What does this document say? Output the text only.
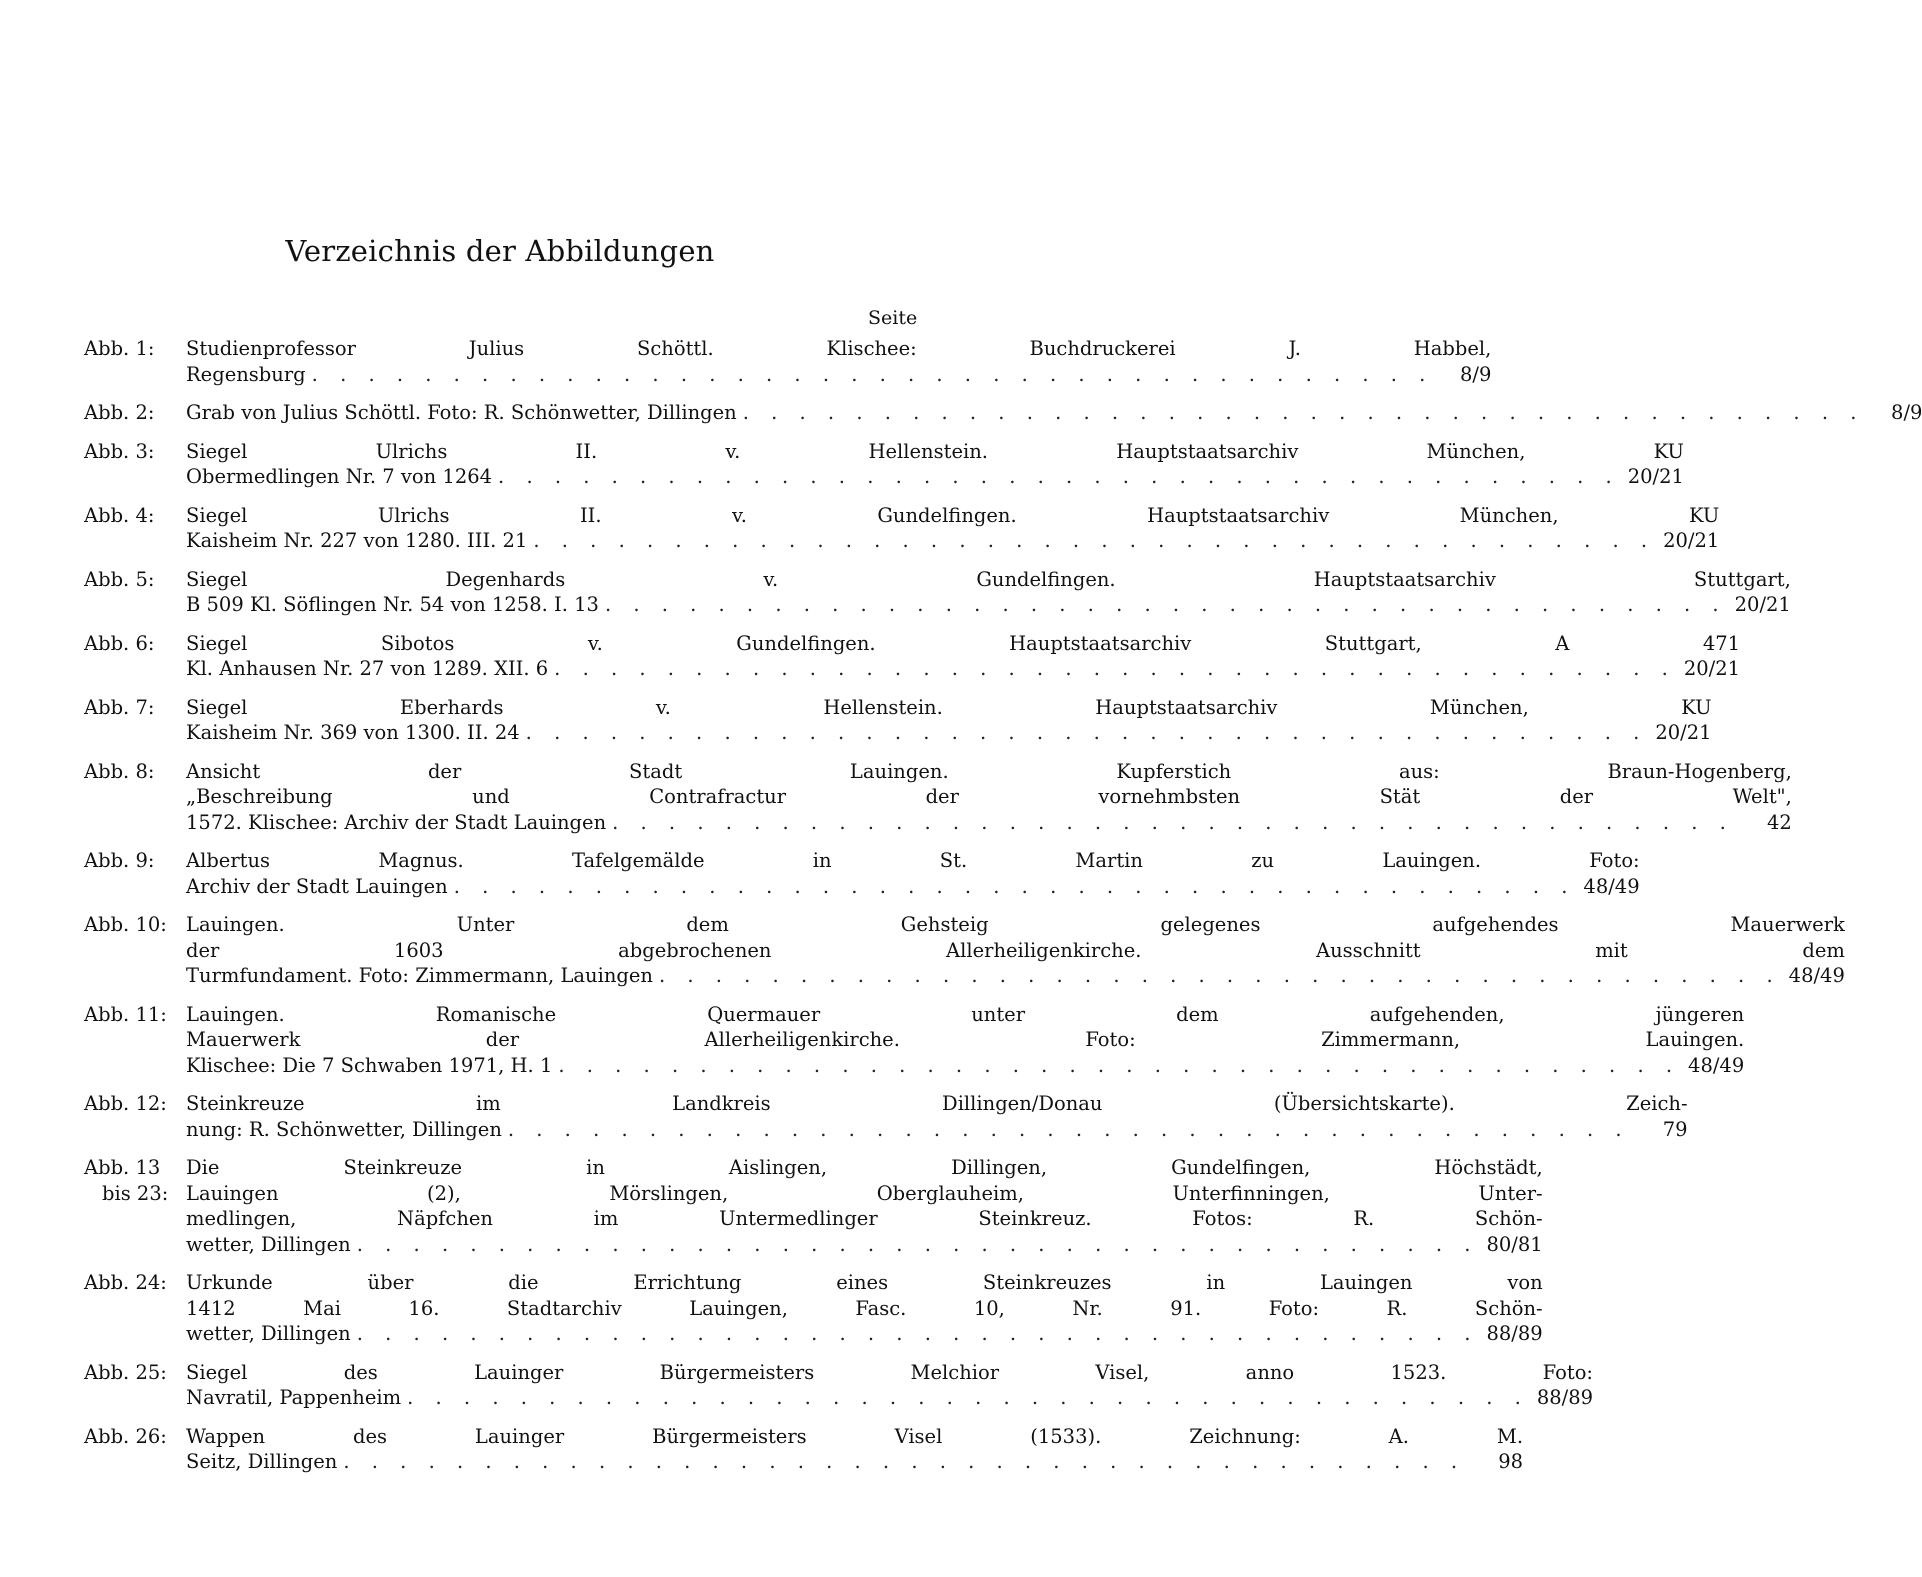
Verzeichnis der Abbildungen
Seite
Abb. 1:	Studienprofessor Julius Schöttl. Klischee: Buchdruckerei J. Habbel,

Regensburg . . . . . . . . . . . . . . . . . . . . . . . . . . . . . . . . . . . . . . . .	8/9
Abb. 2:	Grab von Julius Schöttl. Foto: R. Schönwetter, Dillingen . . . . . . . . . . . . . . . . . . . . . . . . . . . . . . . . . . . . . . . .	8/9
Abb. 3:	Siegel Ulrichs II. v. Hellenstein. Hauptstaatsarchiv München, KU

Obermedlingen Nr. 7 von 1264 . . . . . . . . . . . . . . . . . . . . . . . . . . . . . . . . . . . . . . . . 20/21
Abb. 4:	Siegel Ulrichs II. v. Gundelfingen. Hauptstaatsarchiv München, KU

Kaisheim Nr. 227 von 1280. III. 21 . . . . . . . . . . . . . . . . . . . . . . . . . . . . . . . . . . . . . . . . 20/21
Abb. 5:	Siegel Degenhards v. Gundelfingen. Hauptstaatsarchiv Stuttgart,

B 509 Kl. Söflingen Nr. 54 von 1258. I. 13 . . . . . . . . . . . . . . . . . . . . . . . . . . . . . . . . . . . . . . . . 20/21
Abb. 6:	Siegel Sibotos v. Gundelfingen. Hauptstaatsarchiv Stuttgart, A 471

Kl. Anhausen Nr. 27 von 1289. XII. 6 . . . . . . . . . . . . . . . . . . . . . . . . . . . . . . . . . . . . . . . . 20/21
Abb. 7:	Siegel Eberhards v. Hellenstein. Hauptstaatsarchiv München, KU

Kaisheim Nr. 369 von 1300. II. 24 . . . . . . . . . . . . . . . . . . . . . . . . . . . . . . . . . . . . . . . . 20/21
Abb. 8:	Ansicht der Stadt Lauingen. Kupferstich aus: Braun-Hogenberg,

„Beschreibung und Contrafractur der vornehmbsten Stät der Welt",

1572. Klischee: Archiv der Stadt Lauingen . . . . . . . . . . . . . . . . . . . . . . . . . . . . . . . . . . . . . . . .	42
Abb. 9:	Albertus Magnus. Tafelgemälde in St. Martin zu Lauingen. Foto:

Archiv der Stadt Lauingen . . . . . . . . . . . . . . . . . . . . . . . . . . . . . . . . . . . . . . . . 48/49
Abb. 10: Lauingen. Unter dem Gehsteig gelegenes aufgehendes Mauerwerk

der 1603 abgebrochenen Allerheiligenkirche. Ausschnitt mit dem

Turmfundament. Foto: Zimmermann, Lauingen . . . . . . . . . . . . . . . . . . . . . . . . . . . . . . . . . . . . . . . . 48/49
Abb. 11: Lauingen. Romanische Quermauer unter dem aufgehenden, jüngeren

Mauerwerk der Allerheiligenkirche. Foto: Zimmermann, Lauingen.

Klischee: Die 7 Schwaben 1971, H. 1 . . . . . . . . . . . . . . . . . . . . . . . . . . . . . . . . . . . . . . . . 48/49
Abb. 12: Steinkreuze im Landkreis Dillingen/Donau (Übersichtskarte). Zeich-

nung: R. Schönwetter, Dillingen . . . . . . . . . . . . . . . . . . . . . . . . . . . . . . . . . . . . . . . .	79
Abb. 13
bis 23:

Die Steinkreuze in Aislingen, Dillingen, Gundelfingen, Höchstädt,

Lauingen (2), Mörslingen, Oberglauheim, Unterfinningen, Unter-

medlingen, Näpfchen im Untermedlinger Steinkreuz. Fotos: R. Schön-

wetter, Dillingen . . . . . . . . . . . . . . . . . . . . . . . . . . . . . . . . . . . . . . . . 80/81
Abb. 24: Urkunde über die Errichtung eines Steinkreuzes in Lauingen von

1412 Mai 16. Stadtarchiv Lauingen, Fasc. 10, Nr. 91. Foto: R. Schön-

wetter, Dillingen . . . . . . . . . . . . . . . . . . . . . . . . . . . . . . . . . . . . . . . . 88/89
Abb. 25: Siegel des Lauinger Bürgermeisters Melchior Visel, anno 1523. Foto:

Navratil, Pappenheim . . . . . . . . . . . . . . . . . . . . . . . . . . . . . . . . . . . . . . . . 88/89
Abb. 26: Wappen des Lauinger Bürgermeisters Visel (1533). Zeichnung: A. M.

Seitz, Dillingen . . . . . . . . . . . . . . . . . . . . . . . . . . . . . . . . . . . . . . . .	98
